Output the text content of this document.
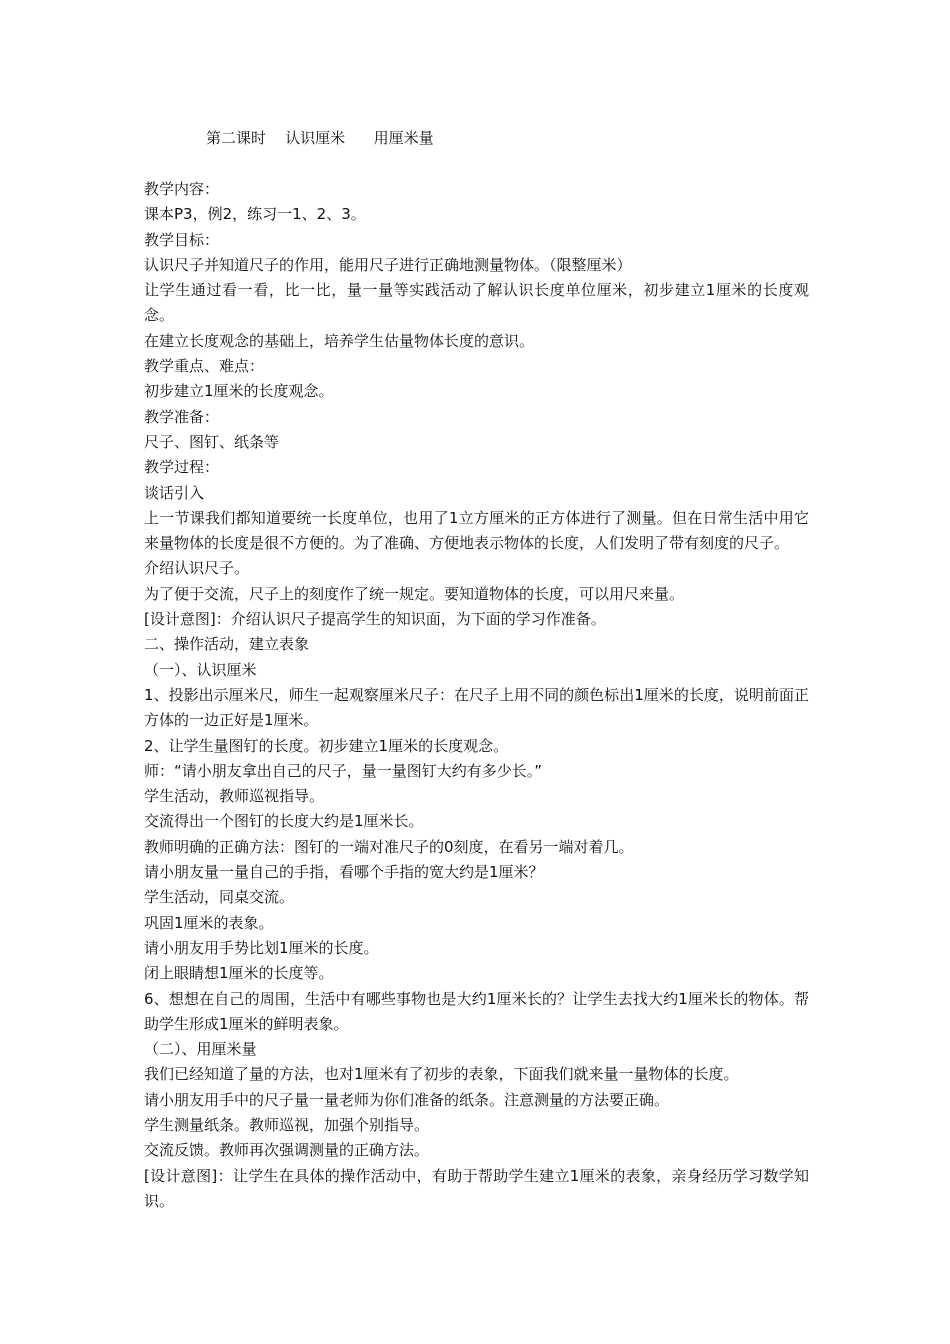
第二课时    认识厘米      用厘米量

教学内容：

课本P3，例2，练习一1、2、3。

教学目标：

认识尺子并知道尺子的作用，能用尺子进行正确地测量物体。（限整厘米）

让学生通过看一看，比一比，量一量等实践活动了解认识长度单位厘米，初步建立1厘米的长度观念。

在建立长度观念的基础上，培养学生估量物体长度的意识。

教学重点、难点：

初步建立1厘米的长度观念。

教学准备：

尺子、图钉、纸条等

教学过程：

谈话引入

上一节课我们都知道要统一长度单位，也用了1立方厘米的正方体进行了测量。但在日常生活中用它来量物体的长度是很不方便的。为了准确、方便地表示物体的长度，人们发明了带有刻度的尺子。

介绍认识尺子。

为了便于交流，尺子上的刻度作了统一规定。要知道物体的长度，可以用尺来量。

[设计意图]：介绍认识尺子提高学生的知识面，为下面的学习作准备。

二、操作活动，建立表象

（一）、认识厘米

1、投影出示厘米尺，师生一起观察厘米尺子：在尺子上用不同的颜色标出1厘米的长度，说明前面正方体的一边正好是1厘米。

2、让学生量图钉的长度。初步建立1厘米的长度观念。

师：“请小朋友拿出自己的尺子，量一量图钉大约有多少长。”

学生活动，教师巡视指导。

交流得出一个图钉的长度大约是1厘米长。

教师明确的正确方法：图钉的一端对准尺子的0刻度，在看另一端对着几。

请小朋友量一量自己的手指，看哪个手指的宽大约是1厘米？

学生活动，同桌交流。

巩固1厘米的表象。

请小朋友用手势比划1厘米的长度。

闭上眼睛想1厘米的长度等。

6、想想在自己的周围，生活中有哪些事物也是大约1厘米长的？让学生去找大约1厘米长的物体。帮助学生形成1厘米的鲜明表象。

（二）、用厘米量

我们已经知道了量的方法，也对1厘米有了初步的表象，下面我们就来量一量物体的长度。

请小朋友用手中的尺子量一量老师为你们准备的纸条。注意测量的方法要正确。

学生测量纸条。教师巡视，加强个别指导。

交流反馈。教师再次强调测量的正确方法。

[设计意图]：让学生在具体的操作活动中，有助于帮助学生建立1厘米的表象，亲身经历学习数学知识。
